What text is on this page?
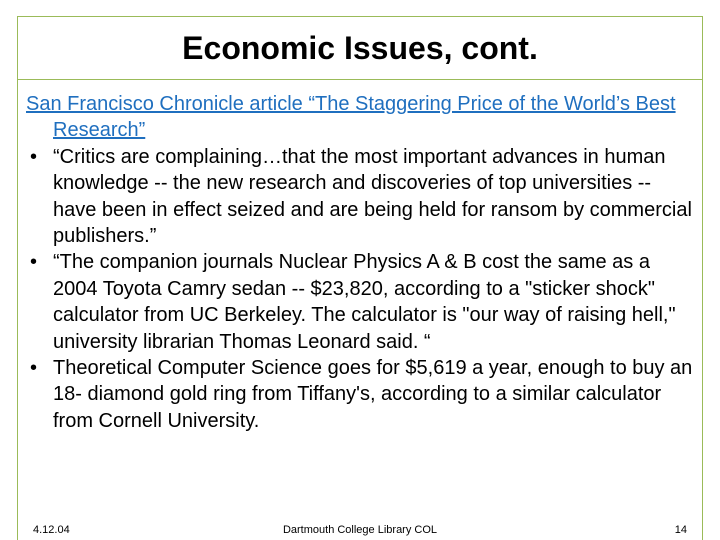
Economic Issues, cont.

San Francisco Chronicle article “The Staggering Price of the World’s Best Research”

• “Critics are complaining…that the most important advances in human knowledge -- the new research and discoveries of top universities -- have been in effect seized and are being held for ransom by commercial publishers.”
• “The companion journals Nuclear Physics A & B cost the same as a 2004 Toyota Camry sedan -- $23,820, according to a "sticker shock" calculator from UC Berkeley. The calculator is "our way of raising hell," university librarian Thomas Leonard said. “
• Theoretical Computer Science goes for $5,619 a year, enough to buy an 18- diamond gold ring from Tiffany's, according to a similar calculator from Cornell University.
4.12.04	Dartmouth College Library COL	14
